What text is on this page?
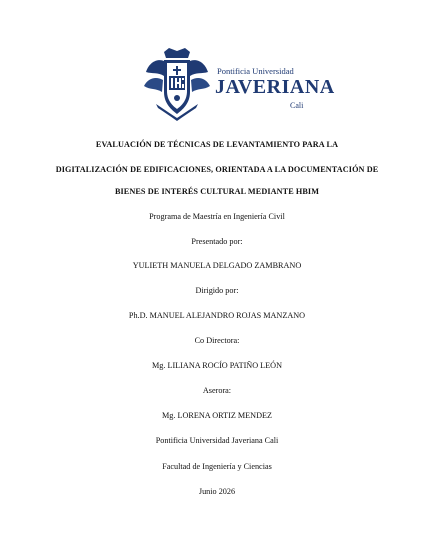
Pontificia Universidad
JAVERIANA
Cali
EVALUACIÓN DE TÉCNICAS DE LEVANTAMIENTO PARA LA
DIGITALIZACIÓN DE EDIFICACIONES, ORIENTADA A LA DOCUMENTACIÓN DE
BIENES DE INTERÉS CULTURAL MEDIANTE HBIM
Programa de Maestría en Ingeniería Civil
Presentado por:
YULIETH MANUELA DELGADO ZAMBRANO
Dirigido por:
Ph.D. MANUEL ALEJANDRO ROJAS MANZANO
Co Directora:
Mg. LILIANA ROCÍO PATIÑO LEÓN
Aserora:
Mg. LORENA ORTIZ MENDEZ
Pontificia Universidad Javeriana Cali
Facultad de Ingeniería y Ciencias
Junio 2026
